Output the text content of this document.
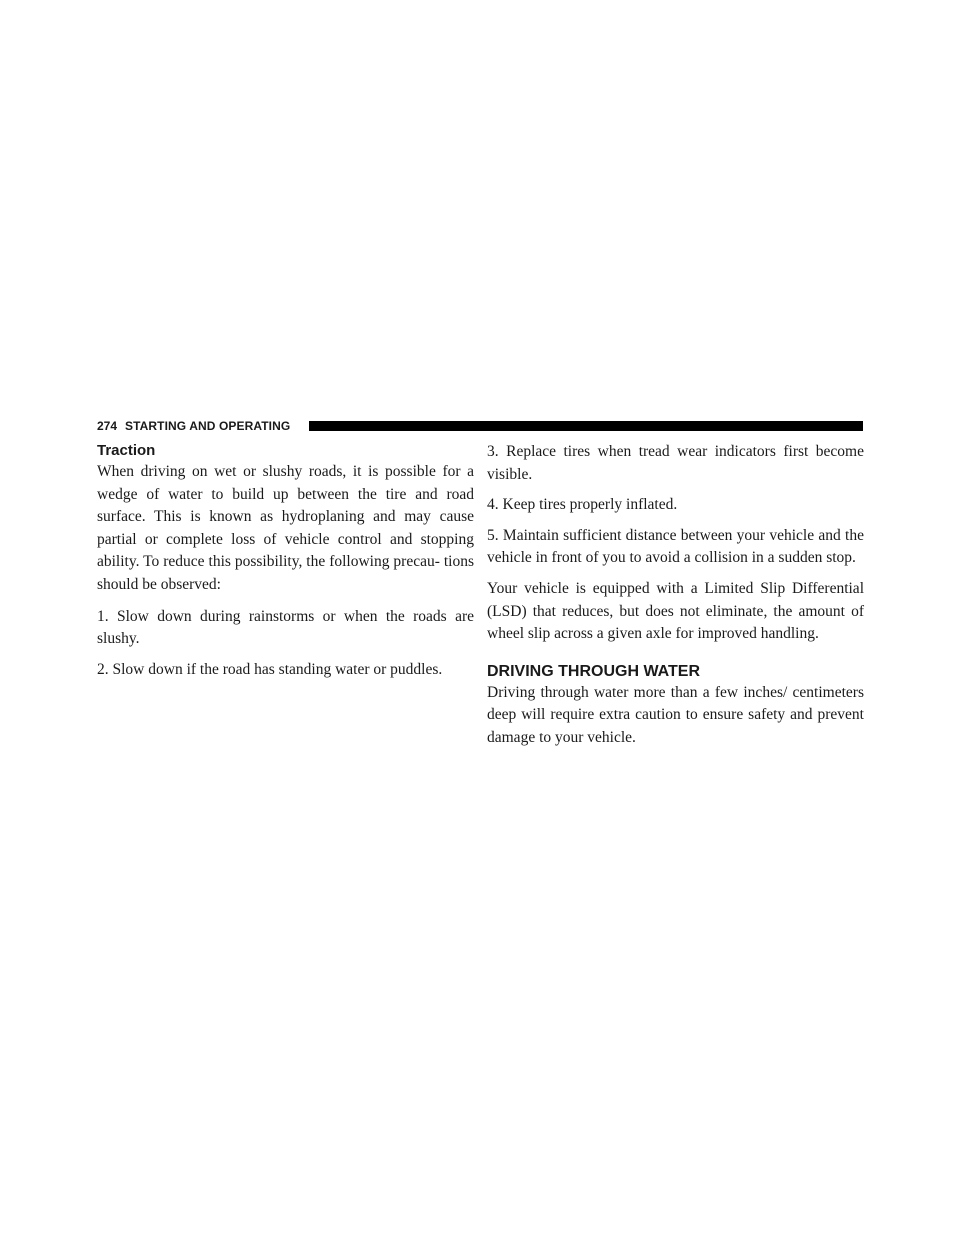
274 STARTING AND OPERATING
Traction

When driving on wet or slushy roads, it is possible for a wedge of water to build up between the tire and road surface. This is known as hydroplaning and may cause partial or complete loss of vehicle control and stopping ability. To reduce this possibility, the following precau- tions should be observed:

1. Slow down during rainstorms or when the roads are slushy.

2. Slow down if the road has standing water or puddles.

3. Replace tires when tread wear indicators first become visible.

4. Keep tires properly inflated.

5. Maintain sufficient distance between your vehicle and the vehicle in front of you to avoid a collision in a sudden stop.

Your vehicle is equipped with a Limited Slip Differential (LSD) that reduces, but does not eliminate, the amount of wheel slip across a given axle for improved handling.

DRIVING THROUGH WATER

Driving through water more than a few inches/ centimeters deep will require extra caution to ensure safety and prevent damage to your vehicle.
